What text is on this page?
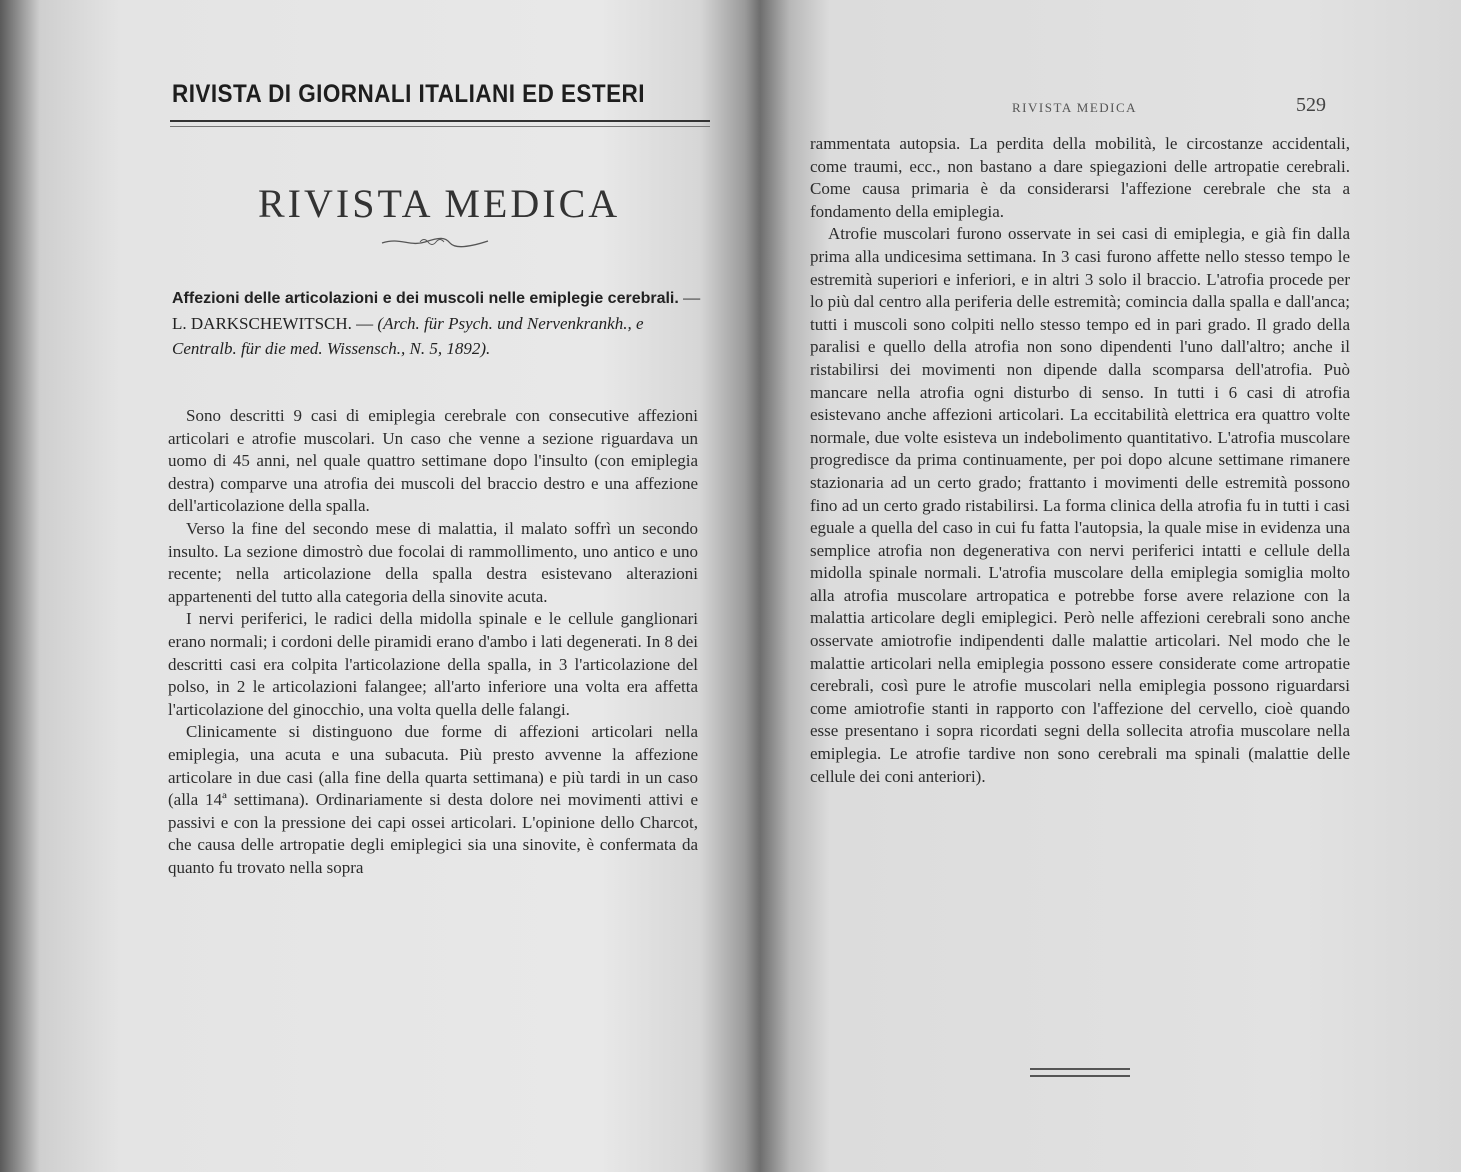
RIVISTA DI GIORNALI ITALIANI ED ESTERI
RIVISTA MEDICA
Affezioni delle articolazioni e dei muscoli nelle emiplegie cerebrali. — L. DARKSCHEWITSCH. — (Arch. für Psych. und Nervenkrankh., e Centralb. für die med. Wissensch., N. 5, 1892).

Sono descritti 9 casi di emiplegia cerebrale con consecutive affezioni articolari e atrofie muscolari. Un caso che venne a sezione riguardava un uomo di 45 anni, nel quale quattro settimane dopo l'insulto (con emiplegia destra) comparve una atrofia dei muscoli del braccio destro e una affezione dell'articolazione della spalla.

Verso la fine del secondo mese di malattia, il malato soffrì un secondo insulto. La sezione dimostrò due focolai di rammollimento, uno antico e uno recente; nella articolazione della spalla destra esistevano alterazioni appartenenti del tutto alla categoria della sinovite acuta.

I nervi periferici, le radici della midolla spinale e le cellule ganglionari erano normali; i cordoni delle piramidi erano d'ambo i lati degenerati. In 8 dei descritti casi era colpita l'articolazione della spalla, in 3 l'articolazione del polso, in 2 le articolazioni falangee; all'arto inferiore una volta era affetta l'articolazione del ginocchio, una volta quella delle falangi.

Clinicamente si distinguono due forme di affezioni articolari nella emiplegia, una acuta e una subacuta. Più presto avvenne la affezione articolare in due casi (alla fine della quarta settimana) e più tardi in un caso (alla 14ª settimana). Ordinariamente si desta dolore nei movimenti attivi e passivi e con la pressione dei capi ossei articolari. L'opinione dello Charcot, che causa delle artropatie degli emiplegici sia una sinovite, è confermata da quanto fu trovato nella sopra

RIVISTA MEDICA	529

rammentata autopsia. La perdita della mobilità, le circostanze accidentali, come traumi, ecc., non bastano a dare spiegazioni delle artropatie cerebrali. Come causa primaria è da considerarsi l'affezione cerebrale che sta a fondamento della emiplegia.

Atrofie muscolari furono osservate in sei casi di emiplegia, e già fin dalla prima alla undicesima settimana. In 3 casi furono affette nello stesso tempo le estremità superiori e inferiori, e in altri 3 solo il braccio. L'atrofia procede per lo più dal centro alla periferia delle estremità; comincia dalla spalla e dall'anca; tutti i muscoli sono colpiti nello stesso tempo ed in pari grado. Il grado della paralisi e quello della atrofia non sono dipendenti l'uno dall'altro; anche il ristabilirsi dei movimenti non dipende dalla scomparsa dell'atrofia. Può mancare nella atrofia ogni disturbo di senso. In tutti i 6 casi di atrofia esistevano anche affezioni articolari. La eccitabilità elettrica era quattro volte normale, due volte esisteva un indebolimento quantitativo. L'atrofia muscolare progredisce da prima continuamente, per poi dopo alcune settimane rimanere stazionaria ad un certo grado; frattanto i movimenti delle estremità possono fino ad un certo grado ristabilirsi. La forma clinica della atrofia fu in tutti i casi eguale a quella del caso in cui fu fatta l'autopsia, la quale mise in evidenza una semplice atrofia non degenerativa con nervi periferici intatti e cellule della midolla spinale normali. L'atrofia muscolare della emiplegia somiglia molto alla atrofia muscolare artropatica e potrebbe forse avere relazione con la malattia articolare degli emiplegici. Però nelle affezioni cerebrali sono anche osservate amiotrofie indipendenti dalle malattie articolari. Nel modo che le malattie articolari nella emiplegia possono essere considerate come artropatie cerebrali, così pure le atrofie muscolari nella emiplegia possono riguardarsi come amiotrofie stanti in rapporto con l'affezione del cervello, cioè quando esse presentano i sopra ricordati segni della sollecita atrofia muscolare nella emiplegia. Le atrofie tardive non sono cerebrali ma spinali (malattie delle cellule dei coni anteriori).
